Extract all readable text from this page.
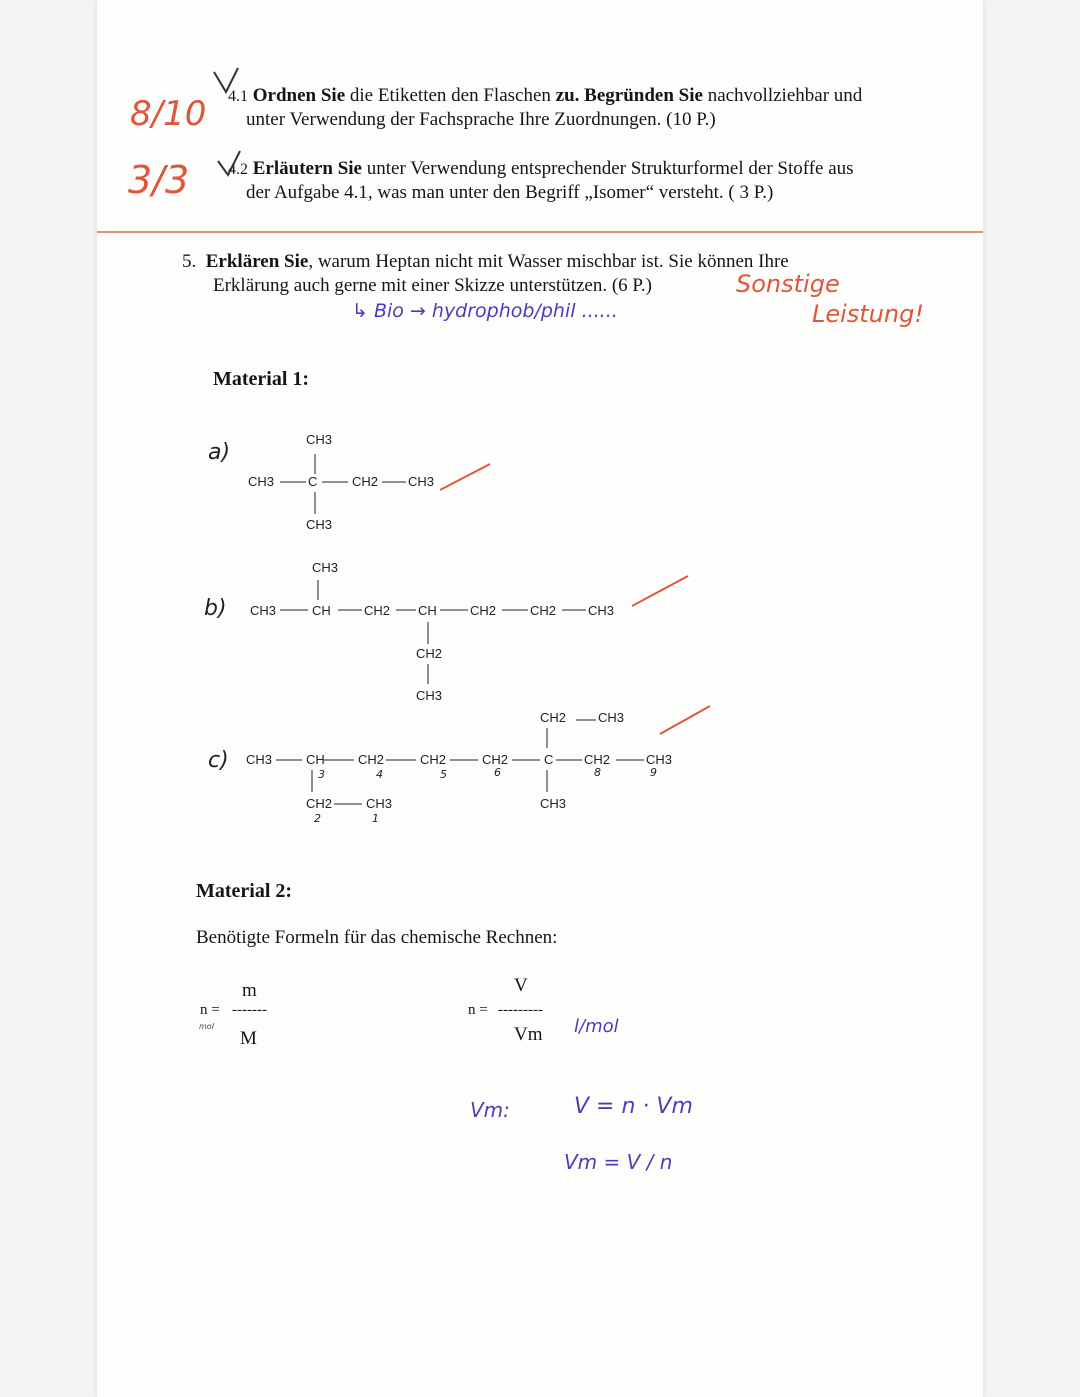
4.1 Ordnen Sie die Etiketten den Flaschen zu. Begründen Sie nachvollziehbar und
unter Verwendung der Fachsprache Ihre Zuordnungen. (10 P.)
4.2 Erläutern Sie unter Verwendung entsprechender Strukturformel der Stoffe aus
der Aufgabe 4.1, was man unter den Begriff „Isomer“ versteht. ( 3 P.)
8/10
3/3
5. Erklären Sie, warum Heptan nicht mit Wasser mischbar ist. Sie können Ihre
Erklärung auch gerne mit einer Skizze unterstützen. (6 P.)
↳ Bio → hydrophob/phil ......
Sonstige
Leistung!
Material 1:
a)
CH3
CH3	C	CH2 CH3
CH3
b)
CH3
CH3	CH	CH2 CH	CH2	CH2 CH3
CH2
CH3
c)
CH2 CH3
CH3	CH	CH2	CH2	CH2	C CH2	CH3
CH2	CH3	CH3
3	4	5	6	8	9
2	1
Material 2:
Benötigte Formeln für das chemische Rechnen:
m
n = -------
mol
M
V
n = ---------
Vm l/mol
Vm:	V = n · Vm
Vm = V / n
